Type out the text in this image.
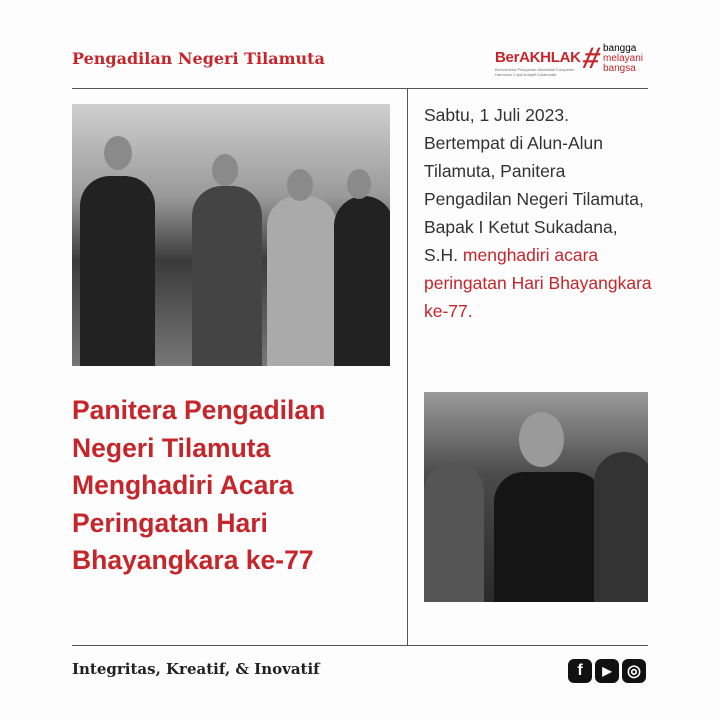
Pengadilan Negeri Tilamuta	BerAKHLAK
Berorientasi Pelayanan Akuntabel Kompeten Harmonis Loyal Adaptif Kolaboratif # bangga
melayani
bangsa
Panitera Pengadilan Negeri Tilamuta Menghadiri Acara Peringatan Hari Bhayangkara ke-77
Sabtu, 1 Juli 2023. Bertempat di Alun-Alun Tilamuta, Panitera Pengadilan Negeri Tilamuta, Bapak I Ketut Sukadana, S.H. menghadiri acara peringatan Hari Bhayangkara ke-77.
Integritas, Kreatif, & Inovatif	f	▶ ◎
